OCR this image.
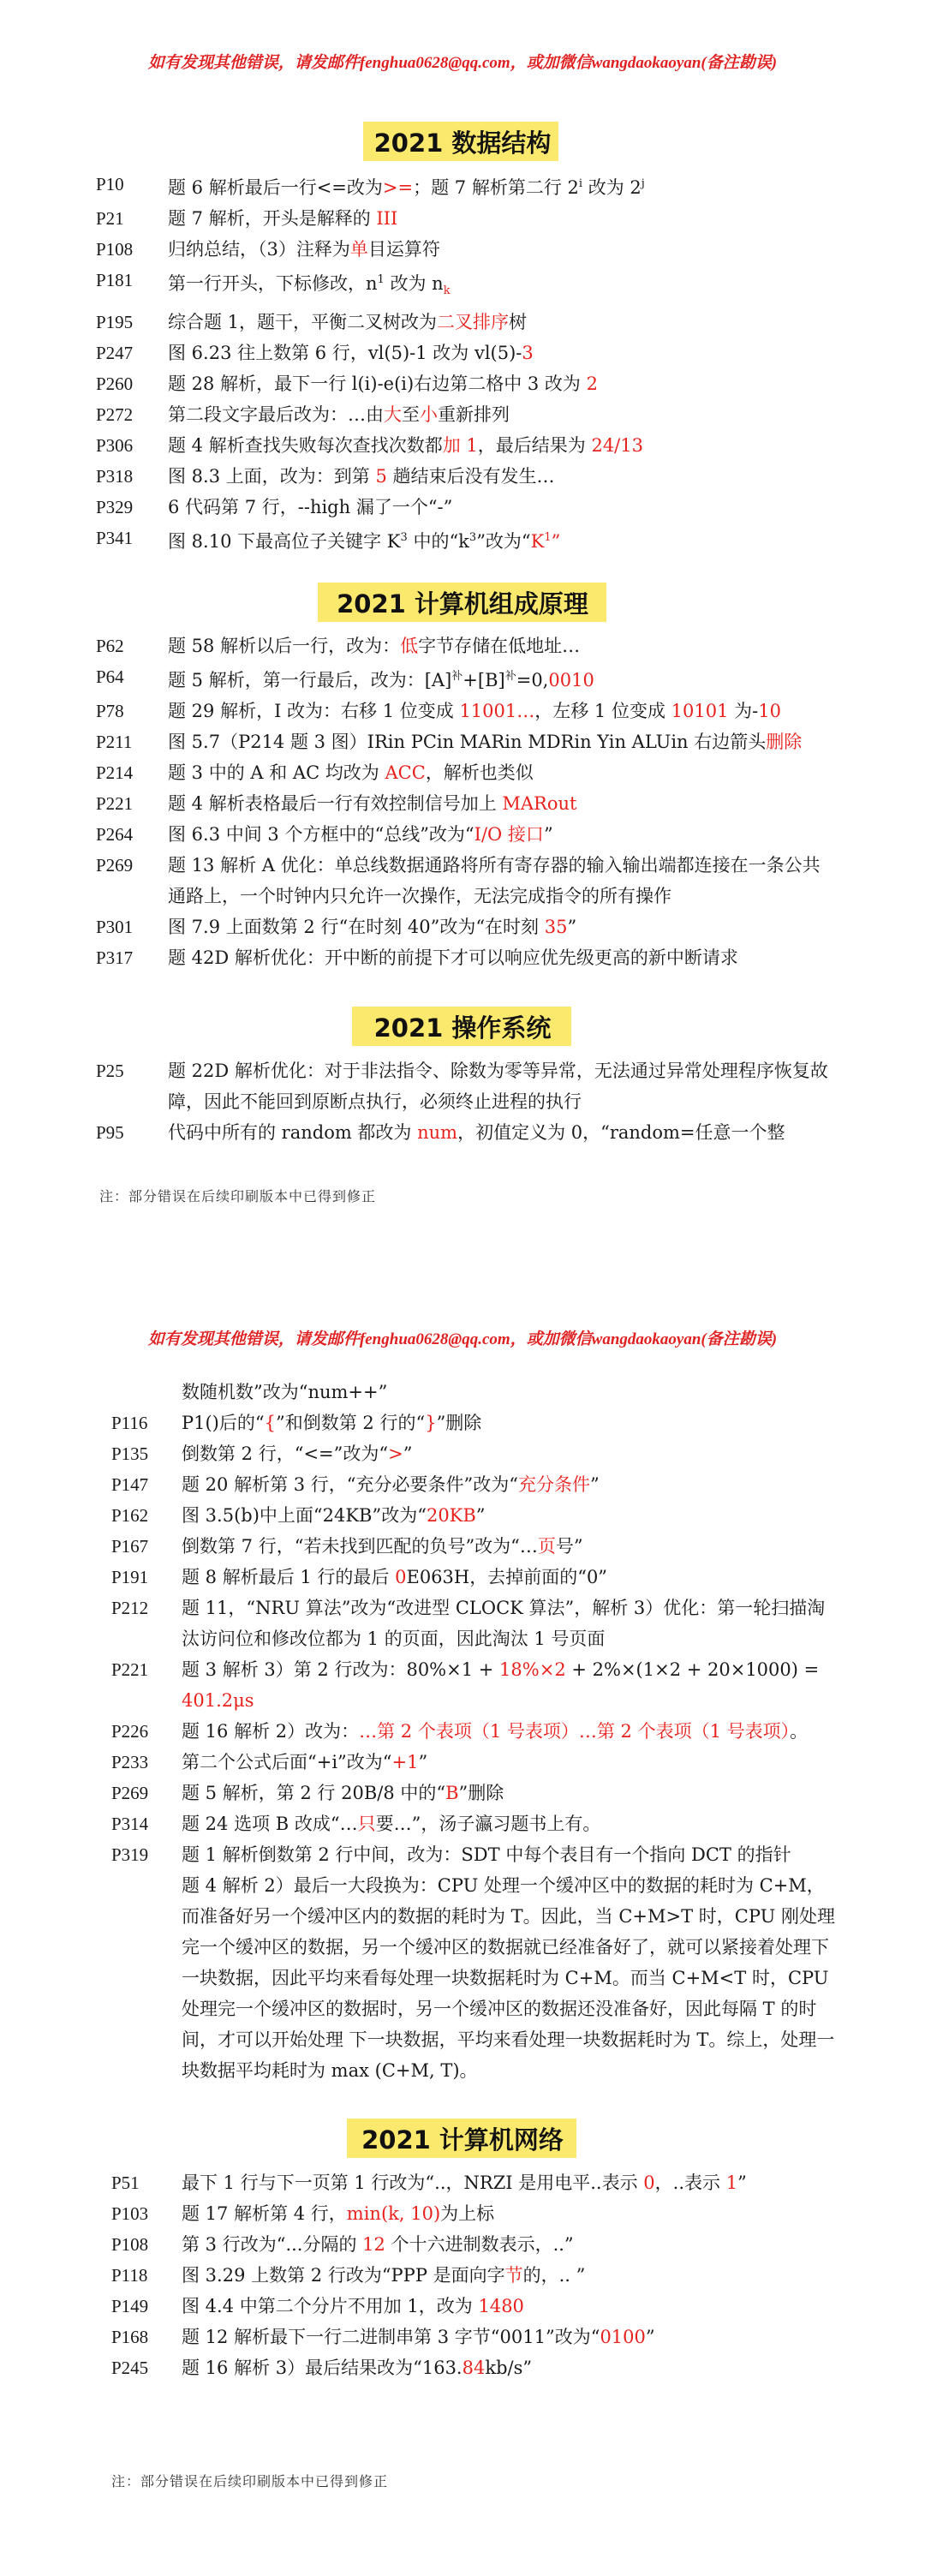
如有发现其他错误，请发邮件fenghua0628@qq.com，或加微信wangdaokaoyan(备注勘误)
2021 数据结构
P10	题 6 解析最后一行<=改为>=；题 7 解析第二行 2$^i$ 改为 2$^j$
P21	题 7 解析，开头是解释的 III
P108	归纳总结，（3）注释为单目运算符
P181	第一行开头，下标修改，$n^1$ 改为 $n_k$
P195	综合题 1，题干，平衡二叉树改为二叉排序树
P247	图 6.23 往上数第 6 行，vl(5)-1 改为 vl(5)-3
P260	题 28 解析，最下一行 l(i)-e(i)右边第二格中 3 改为 2
P272	第二段文字最后改为：…由大至小重新排列
P306	题 4 解析查找失败每次查找次数都加 1，最后结果为 24/13
P318	图 8.3 上面，改为：到第 5 趟结束后没有发生…
P329	6 代码第 7 行，--high 漏了一个“-”
P341	图 8.10 下最高位子关键字 $K^3$ 中的“$k^3$”改为“$K^1$”
2021 计算机组成原理
P62	题 58 解析以后一行，改为：低字节存储在低地址…
P64	题 5 解析，第一行最后，改为：$[A]^补+[B]^补=0,0010$
P78	题 29 解析，I 改为：右移 1 位变成 11001…，左移 1 位变成 10101 为-10
P211	图 5.7（P214 题 3 图）IRin PCin MARin MDRin Yin ALUin 右边箭头删除
P214	题 3 中的 A 和 AC 均改为 ACC，解析也类似
P221	题 4 解析表格最后一行有效控制信号加上 MARout
P264	图 6.3 中间 3 个方框中的“总线”改为“I/O 接口”
P269	题 13 解析 A 优化：单总线数据通路将所有寄存器的输入输出端都连接在一条公共通路上，一个时钟内只允许一次操作，无法完成指令的所有操作
P301	图 7.9 上面数第 2 行“在时刻 40”改为“在时刻 35”
P317	题 42D 解析优化：开中断的前提下才可以响应优先级更高的新中断请求
2021 操作系统
P25	题 22D 解析优化：对于非法指令、除数为零等异常，无法通过异常处理程序恢复故障，因此不能回到原断点执行，必须终止进程的执行
P95	代码中所有的 random 都改为 num，初值定义为 0，“random=任意一个整
注：部分错误在后续印刷版本中已得到修正
如有发现其他错误，请发邮件fenghua0628@qq.com，或加微信wangdaokaoyan(备注勘误)
数随机数”改为“num++”
P116	P1()后的“{”和倒数第 2 行的“}”删除
P135	倒数第 2 行，“<=”改为“>”
P147	题 20 解析第 3 行，“充分必要条件”改为“充分条件”
P162	图 3.5(b)中上面“24KB”改为“20KB”
P167	倒数第 7 行，“若未找到匹配的负号”改为“…页号”
P191	题 8 解析最后 1 行的最后 0E063H，去掉前面的“0”
P212	题 11，“NRU 算法”改为“改进型 CLOCK 算法”，解析 3）优化：第一轮扫描淘汰访问位和修改位都为 1 的页面，因此淘汰 1 号页面
P221	题 3 解析 3）第 2 行改为：80%×1 + 18%×2 + 2%×(1×2 + 20×1000) = 401.2μs
P226	题 16 解析 2）改为：…第 2 个表项（1 号表项）…第 2 个表项（1 号表项）。
P233	第二个公式后面“+i”改为“+1”
P269	题 5 解析，第 2 行 20B/8 中的“B”删除
P314	题 24 选项 B 改成“…只要…”，汤子瀛习题书上有。
P319	题 1 解析倒数第 2 行中间，改为：SDT 中每个表目有一个指向 DCT 的指针
题 4 解析 2）最后一大段换为：CPU 处理一个缓冲区中的数据的耗时为 C+M，而准备好另一个缓冲区内的数据的耗时为 T。因此，当 C+M>T 时，CPU 刚处理完一个缓冲区的数据，另一个缓冲区的数据就已经准备好了，就可以紧接着处理下一块数据，因此平均来看每处理一块数据耗时为 C+M。而当 C+M<T 时，CPU 处理完一个缓冲区的数据时，另一个缓冲区的数据还没准备好，因此每隔 T 的时间，才可以开始处理 下一块数据，平均来看处理一块数据耗时为 T。综上，处理一块数据平均耗时为 max (C+M, T)。
2021 计算机网络
P51	最下 1 行与下一页第 1 行改为“..，NRZI 是用电平..表示 0，..表示 1”
P103	题 17 解析第 4 行，min(k, 10)为上标
P108	第 3 行改为“...分隔的 12 个十六进制数表示，..”
P118	图 3.29 上数第 2 行改为“PPP 是面向字节的，.. ”
P149	图 4.4 中第二个分片不用加 1，改为 1480
P168	题 12 解析最下一行二进制串第 3 字节“0011”改为“0100”
P245	题 16 解析 3）最后结果改为“163.84kb/s”
注：部分错误在后续印刷版本中已得到修正
